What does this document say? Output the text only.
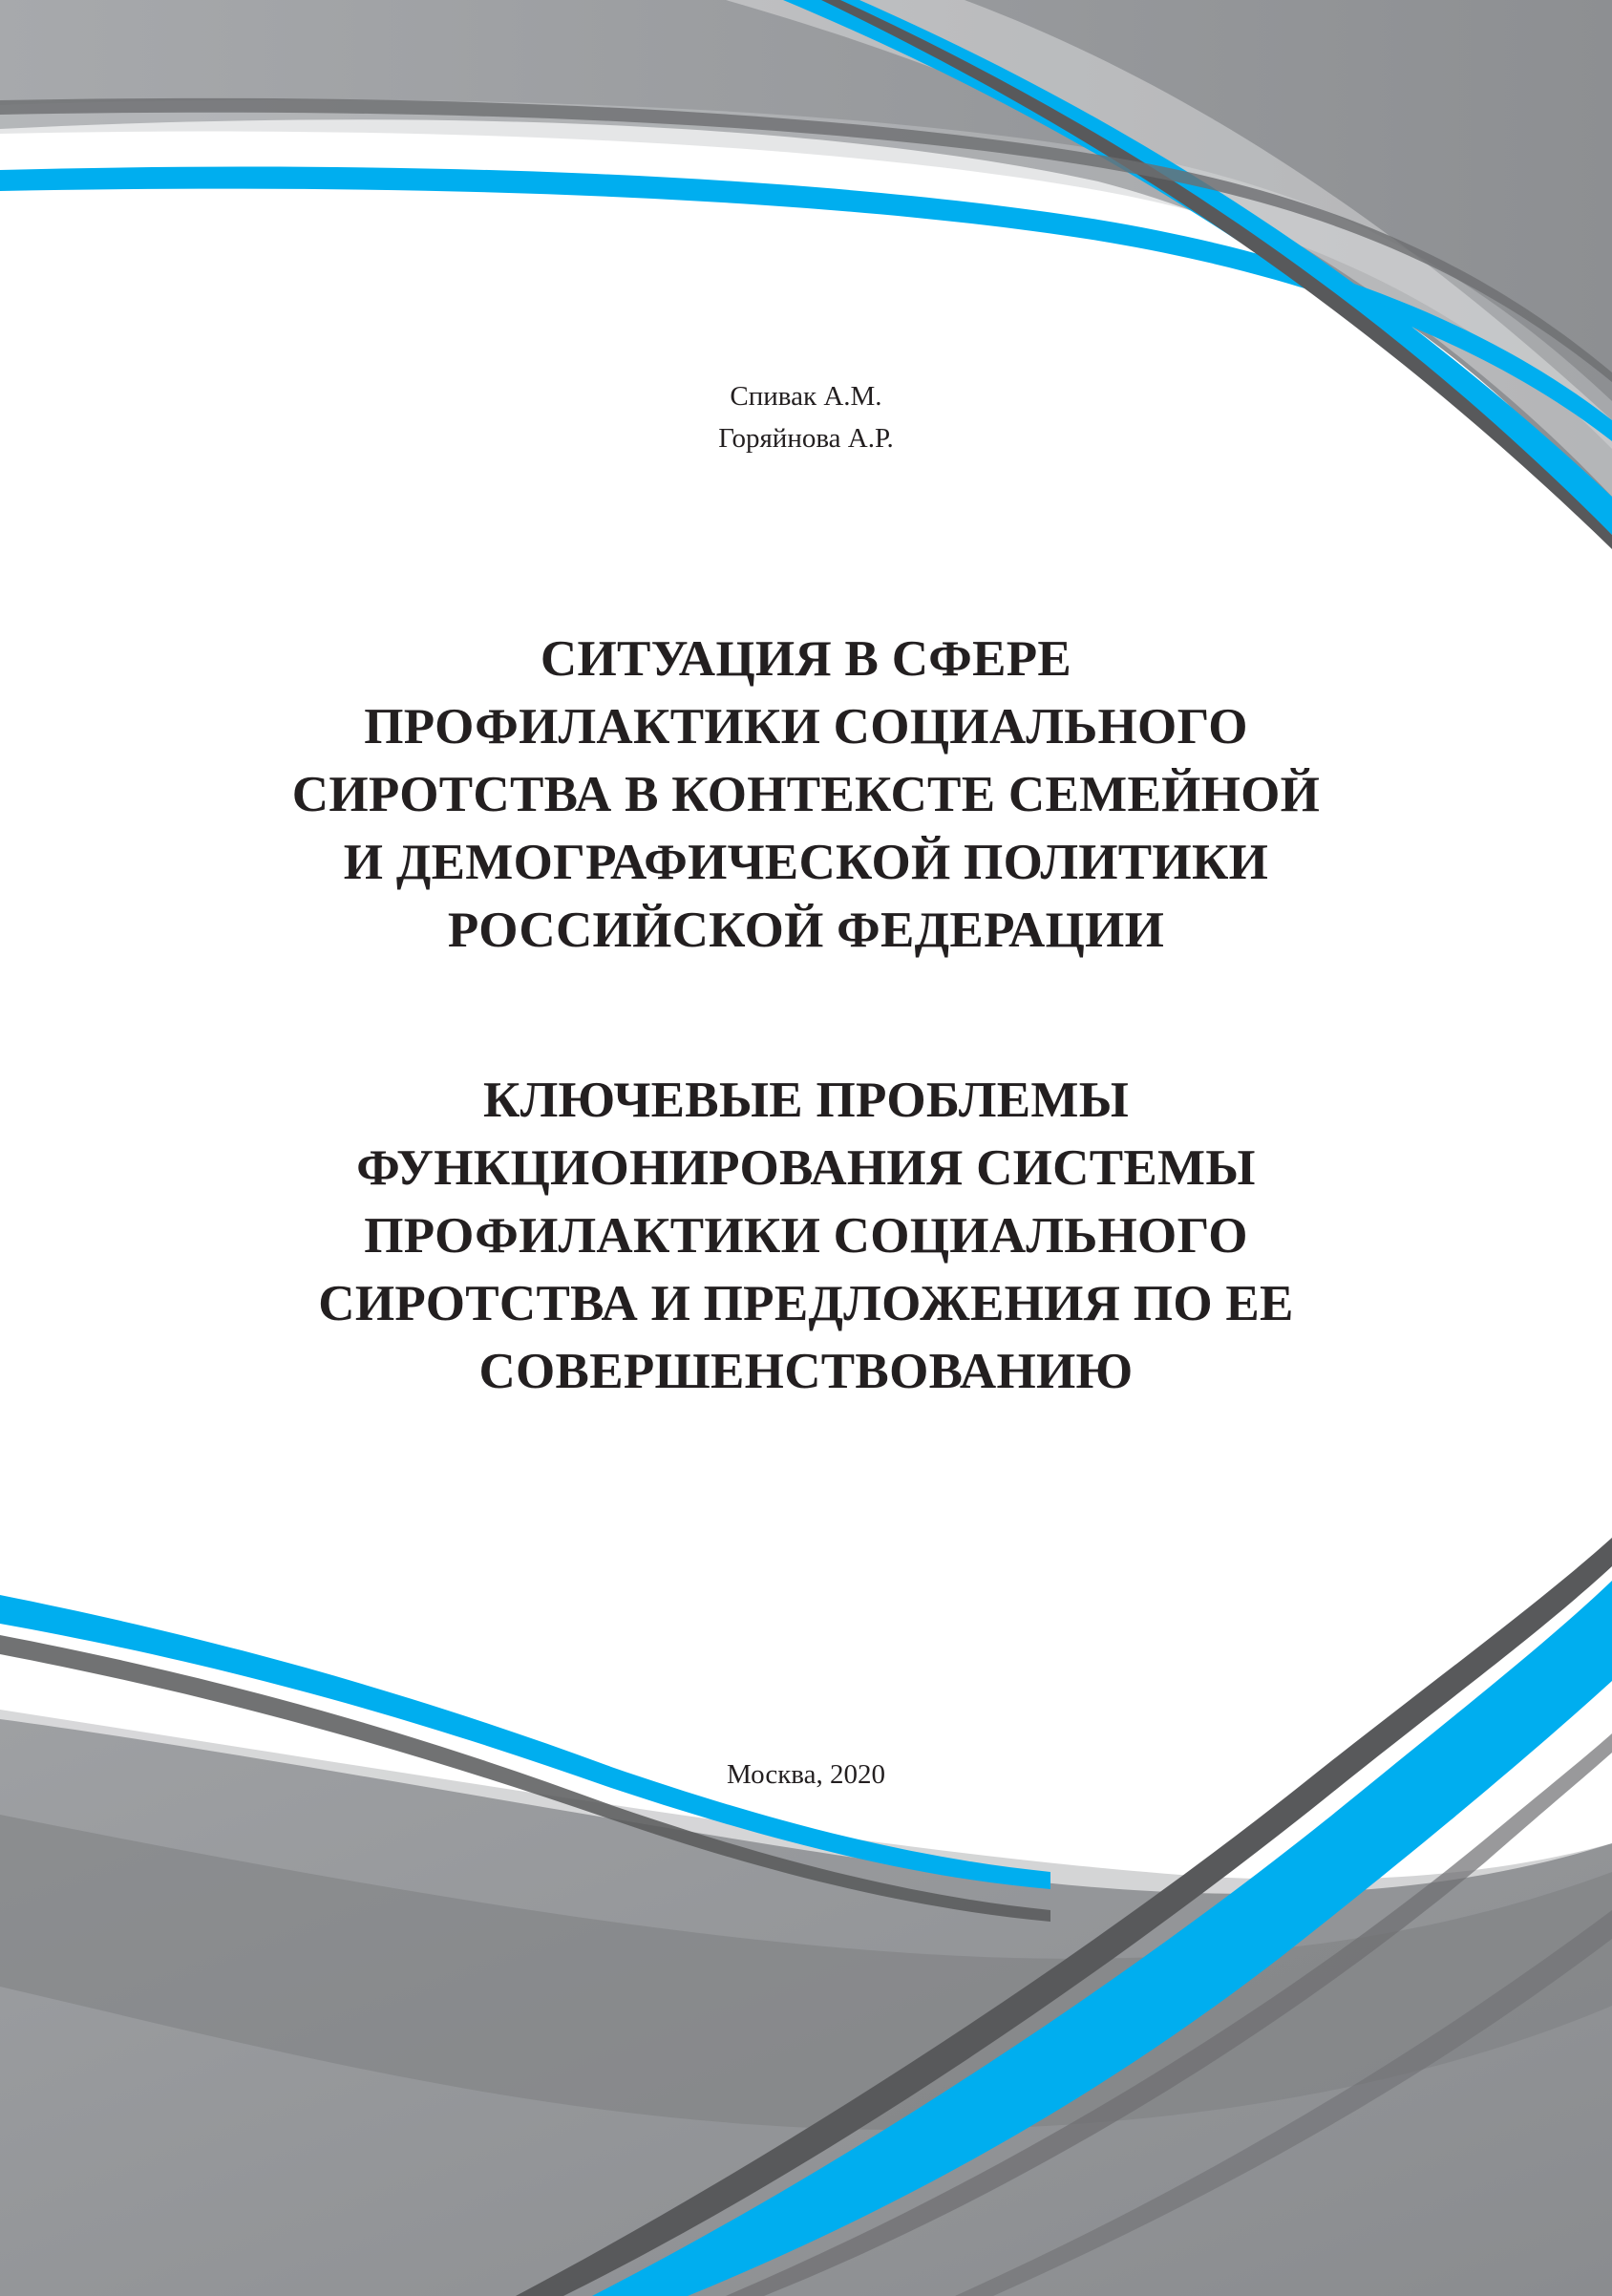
Спивак А.М.
Горяйнова А.Р.
СИТУАЦИЯ В СФЕРЕ
ПРОФИЛАКТИКИ СОЦИАЛЬНОГО
СИРОТСТВА В КОНТЕКСТЕ СЕМЕЙНОЙ
И ДЕМОГРАФИЧЕСКОЙ ПОЛИТИКИ
РОССИЙСКОЙ ФЕДЕРАЦИИ
КЛЮЧЕВЫЕ ПРОБЛЕМЫ
ФУНКЦИОНИРОВАНИЯ СИСТЕМЫ
ПРОФИЛАКТИКИ СОЦИАЛЬНОГО
СИРОТСТВА И ПРЕДЛОЖЕНИЯ ПО ЕЕ
СОВЕРШЕНСТВОВАНИЮ
Москва, 2020
